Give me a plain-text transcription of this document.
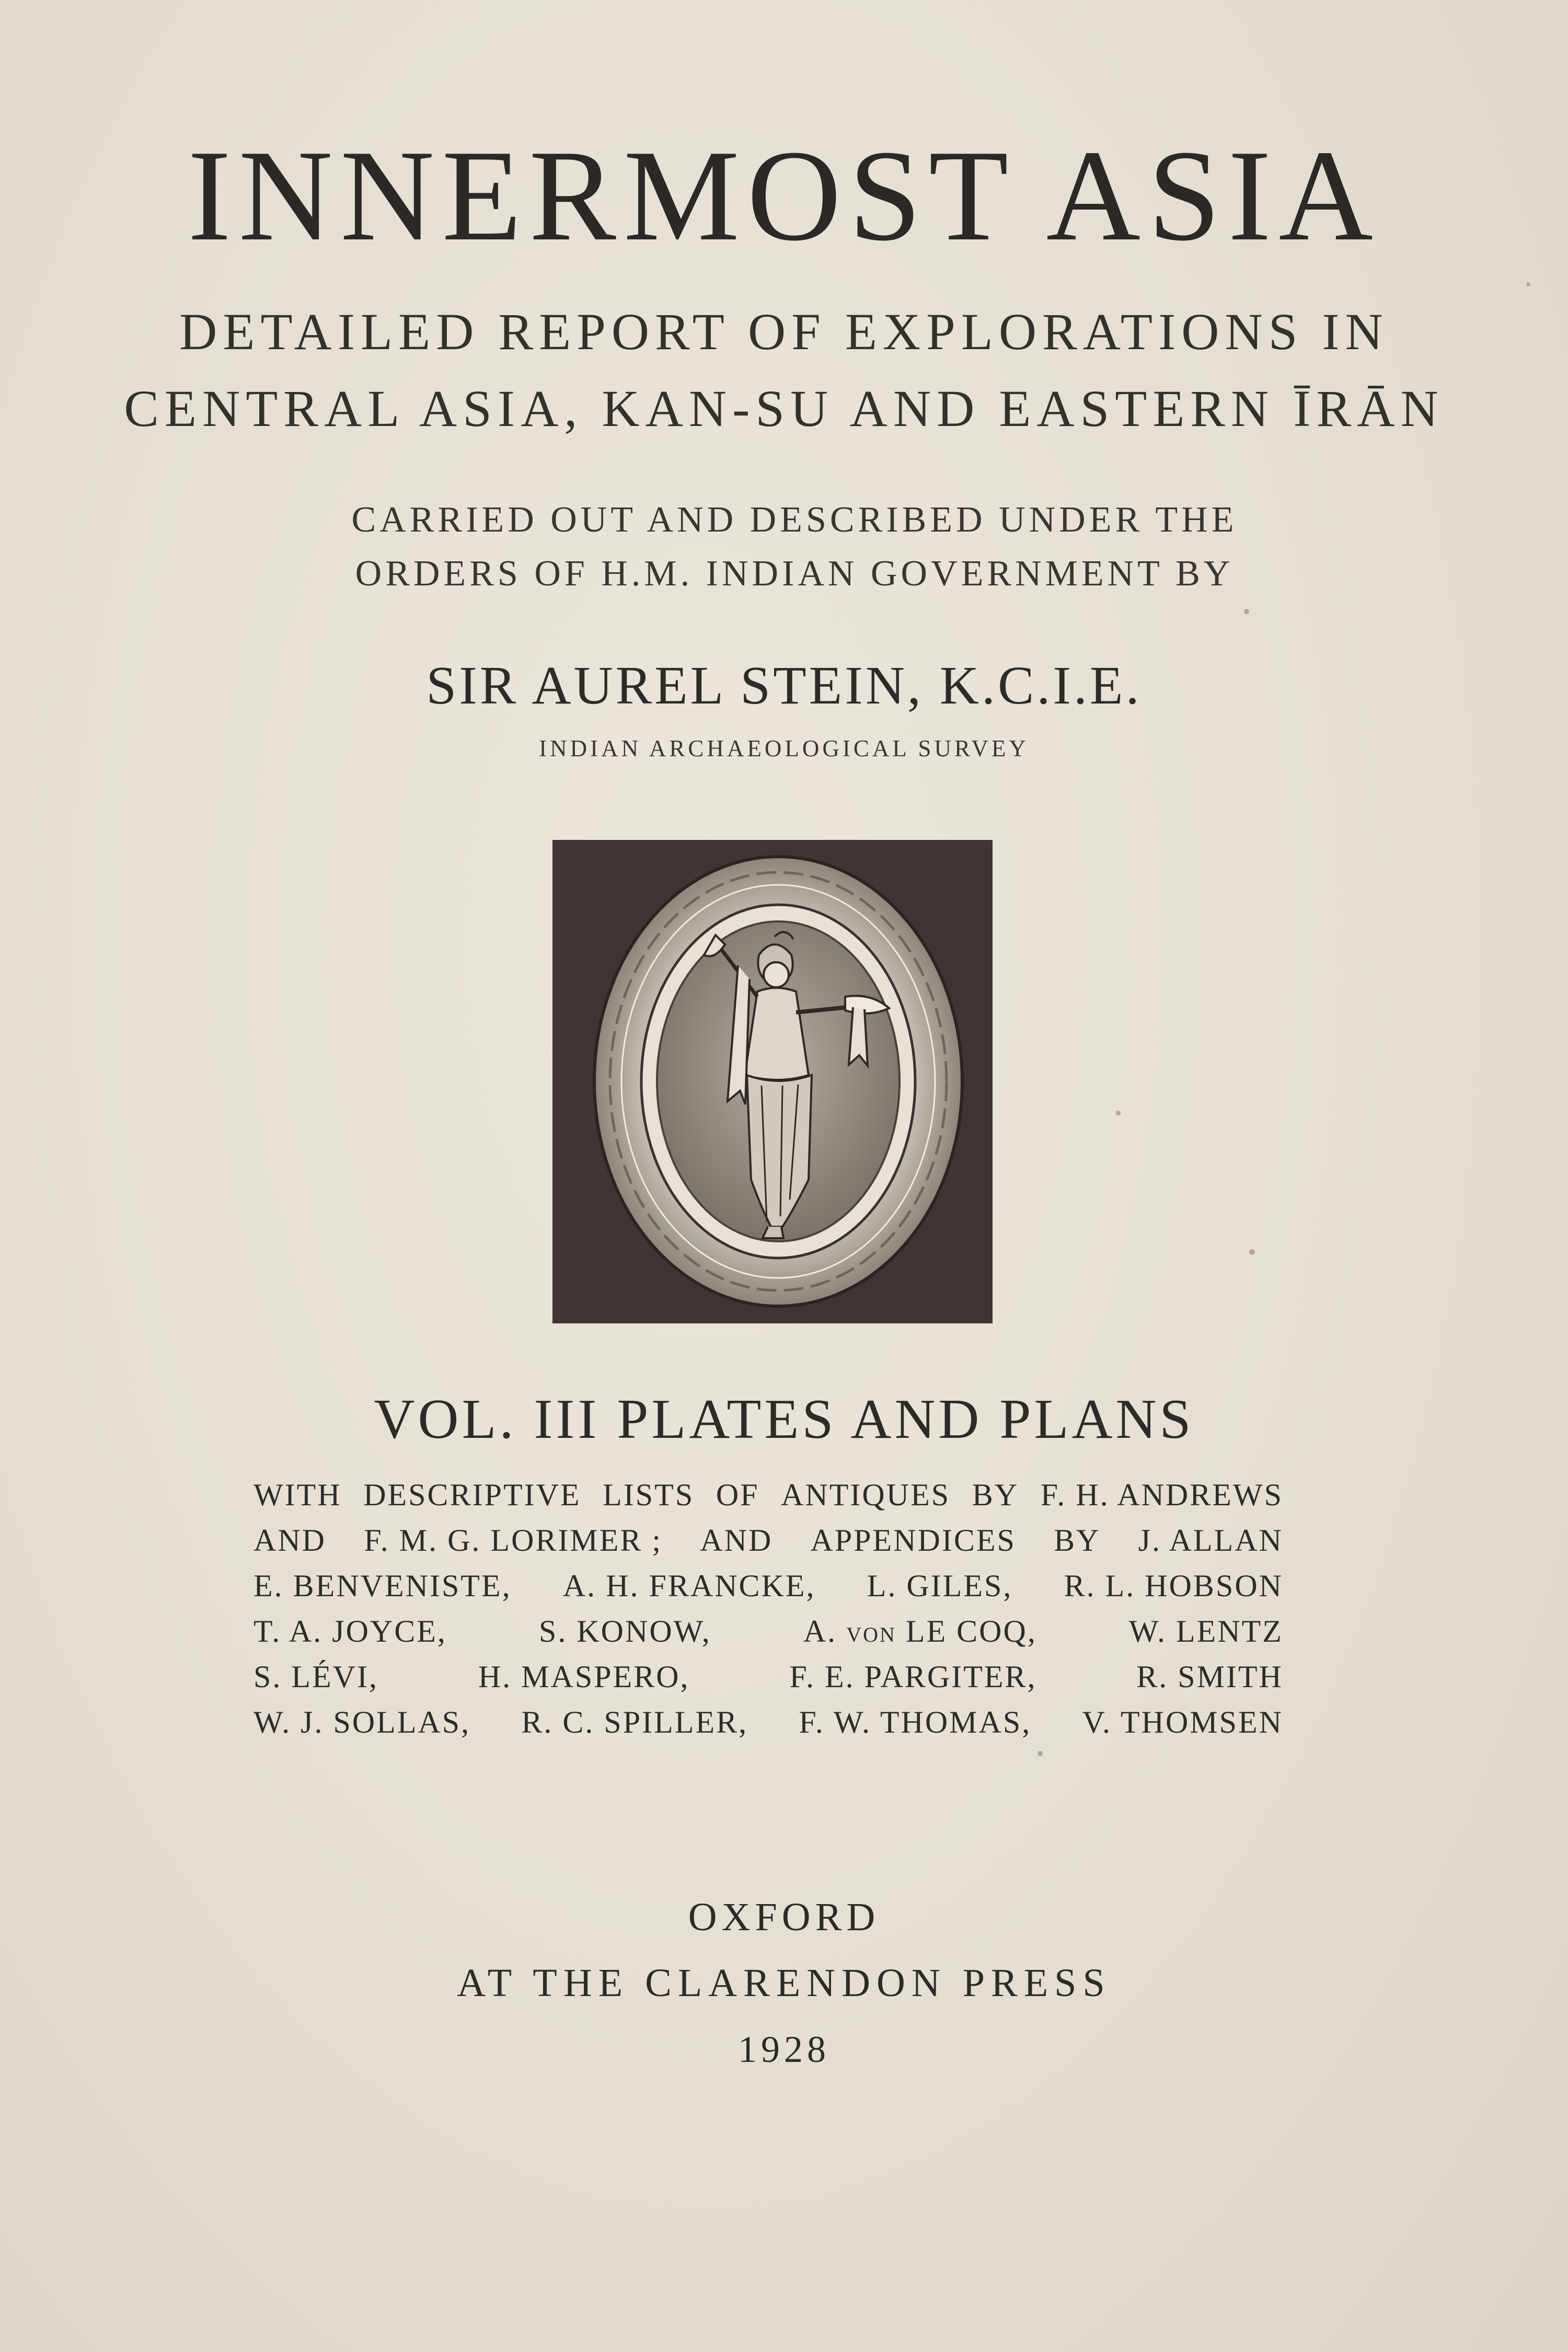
INNERMOST ASIA
DETAILED REPORT OF EXPLORATIONS IN
CENTRAL ASIA, KAN-SU AND EASTERN ĪRĀN
CARRIED OUT AND DESCRIBED UNDER THE
ORDERS OF H.M. INDIAN GOVERNMENT BY
SIR AUREL STEIN, K.C.I.E.
INDIAN ARCHAEOLOGICAL SURVEY
VOL. III PLATES AND PLANS
WITH DESCRIPTIVE LISTS OF ANTIQUES BY F. H. ANDREWS
AND F. M. G. LORIMER ; AND APPENDICES BY J. ALLAN
E. BENVENISTE, A. H. FRANCKE, L. GILES, R. L. HOBSON
T. A. JOYCE,	S. KONOW,	A. VON LE COQ,	W. LENTZ
S. LÉVI,	H. MASPERO,	F. E. PARGITER,	R. SMITH
W. J. SOLLAS, R. C. SPILLER, F. W. THOMAS, V. THOMSEN
OXFORD
AT THE CLARENDON PRESS
1928
